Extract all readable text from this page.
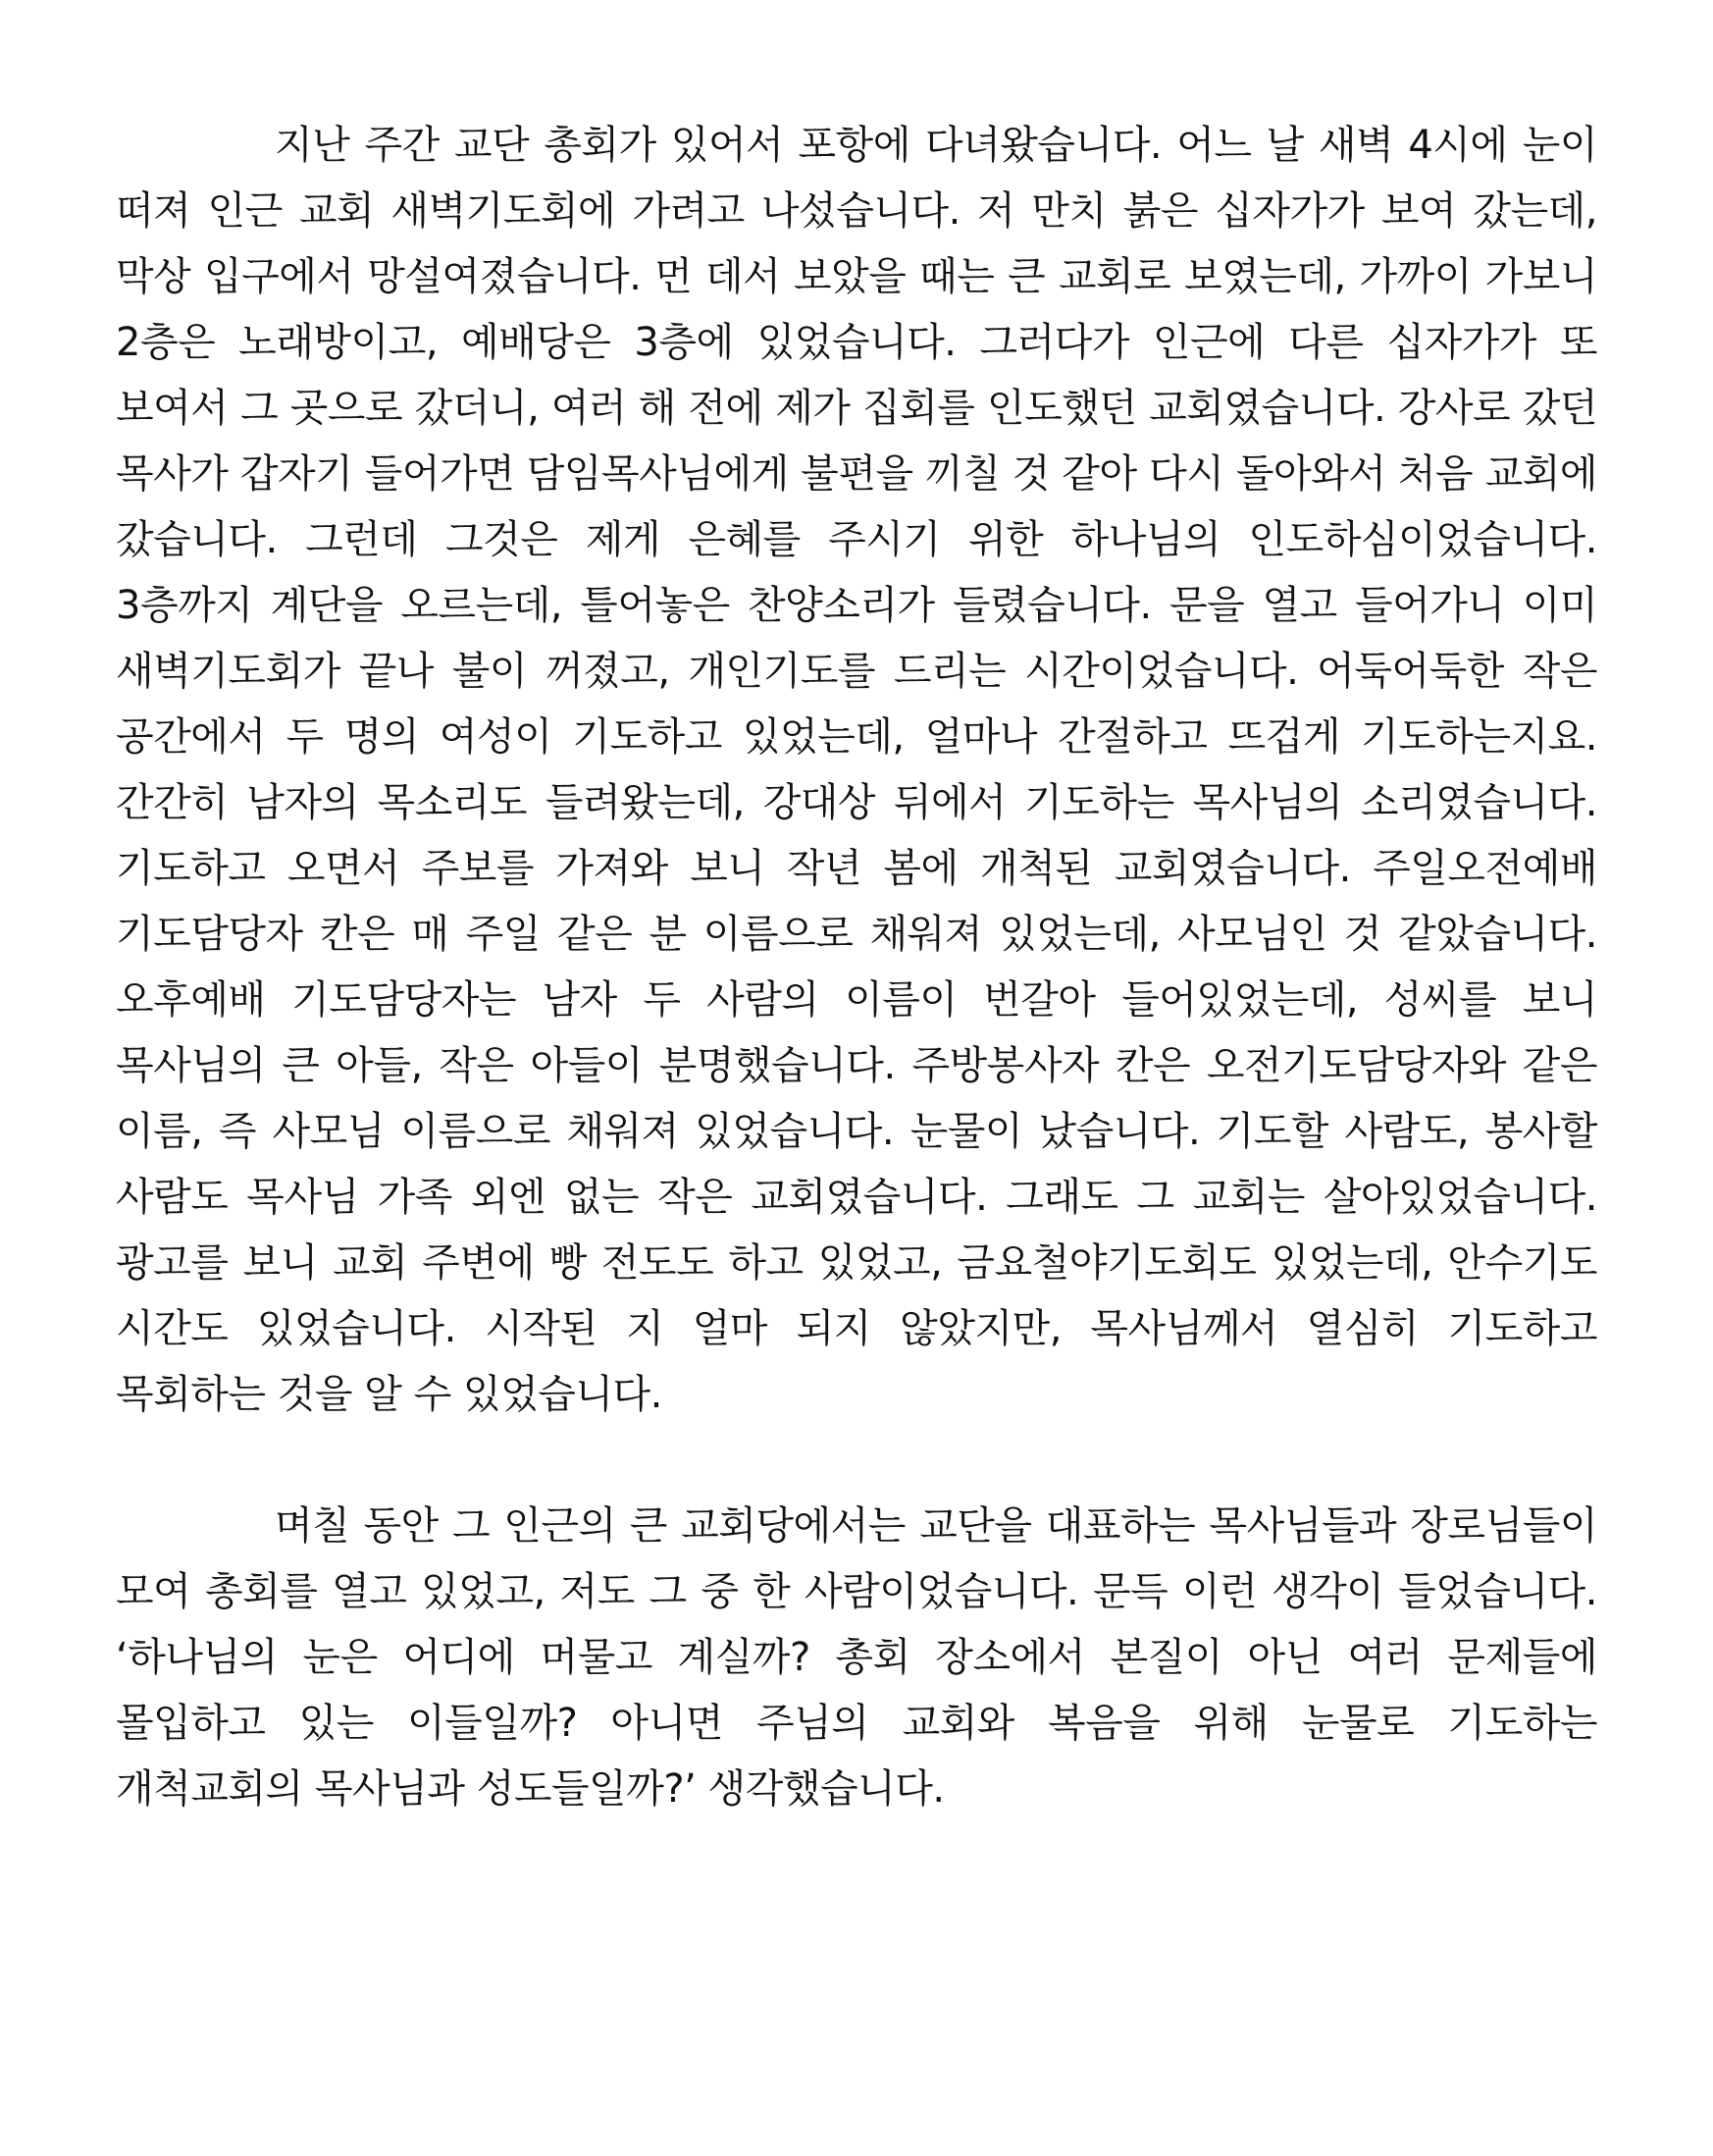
지난 주간 교단 총회가 있어서 포항에 다녀왔습니다. 어느 날 새벽 4시에 눈이 떠져 인근 교회 새벽기도회에 가려고 나섰습니다. 저 만치 붉은 십자가가 보여 갔는데, 막상 입구에서 망설여졌습니다. 먼 데서 보았을 때는 큰 교회로 보였는데, 가까이 가보니 2층은 노래방이고, 예배당은 3층에 있었습니다. 그러다가 인근에 다른 십자가가 또 보여서 그 곳으로 갔더니, 여러 해 전에 제가 집회를 인도했던 교회였습니다. 강사로 갔던 목사가 갑자기 들어가면 담임목사님에게 불편을 끼칠 것 같아 다시 돌아와서 처음 교회에 갔습니다. 그런데 그것은 제게 은혜를 주시기 위한 하나님의 인도하심이었습니다. 3층까지 계단을 오르는데, 틀어놓은 찬양소리가 들렸습니다. 문을 열고 들어가니 이미 새벽기도회가 끝나 불이 꺼졌고, 개인기도를 드리는 시간이었습니다. 어둑어둑한 작은 공간에서 두 명의 여성이 기도하고 있었는데, 얼마나 간절하고 뜨겁게 기도하는지요. 간간히 남자의 목소리도 들려왔는데, 강대상 뒤에서 기도하는 목사님의 소리였습니다. 기도하고 오면서 주보를 가져와 보니 작년 봄에 개척된 교회였습니다. 주일오전예배 기도담당자 칸은 매 주일 같은 분 이름으로 채워져 있었는데, 사모님인 것 같았습니다. 오후예배 기도담당자는 남자 두 사람의 이름이 번갈아 들어있었는데, 성씨를 보니 목사님의 큰 아들, 작은 아들이 분명했습니다. 주방봉사자 칸은 오전기도담당자와 같은 이름, 즉 사모님 이름으로 채워져 있었습니다. 눈물이 났습니다. 기도할 사람도, 봉사할 사람도 목사님 가족 외엔 없는 작은 교회였습니다. 그래도 그 교회는 살아있었습니다. 광고를 보니 교회 주변에 빵 전도도 하고 있었고, 금요철야기도회도 있었는데, 안수기도 시간도 있었습니다. 시작된 지 얼마 되지 않았지만, 목사님께서 열심히 기도하고 목회하는 것을 알 수 있었습니다.

며칠 동안 그 인근의 큰 교회당에서는 교단을 대표하는 목사님들과 장로님들이 모여 총회를 열고 있었고, 저도 그 중 한 사람이었습니다. 문득 이런 생각이 들었습니다. ‘하나님의 눈은 어디에 머물고 계실까? 총회 장소에서 본질이 아닌 여러 문제들에 몰입하고 있는 이들일까? 아니면 주님의 교회와 복음을 위해 눈물로 기도하는 개척교회의 목사님과 성도들일까?’ 생각했습니다.
